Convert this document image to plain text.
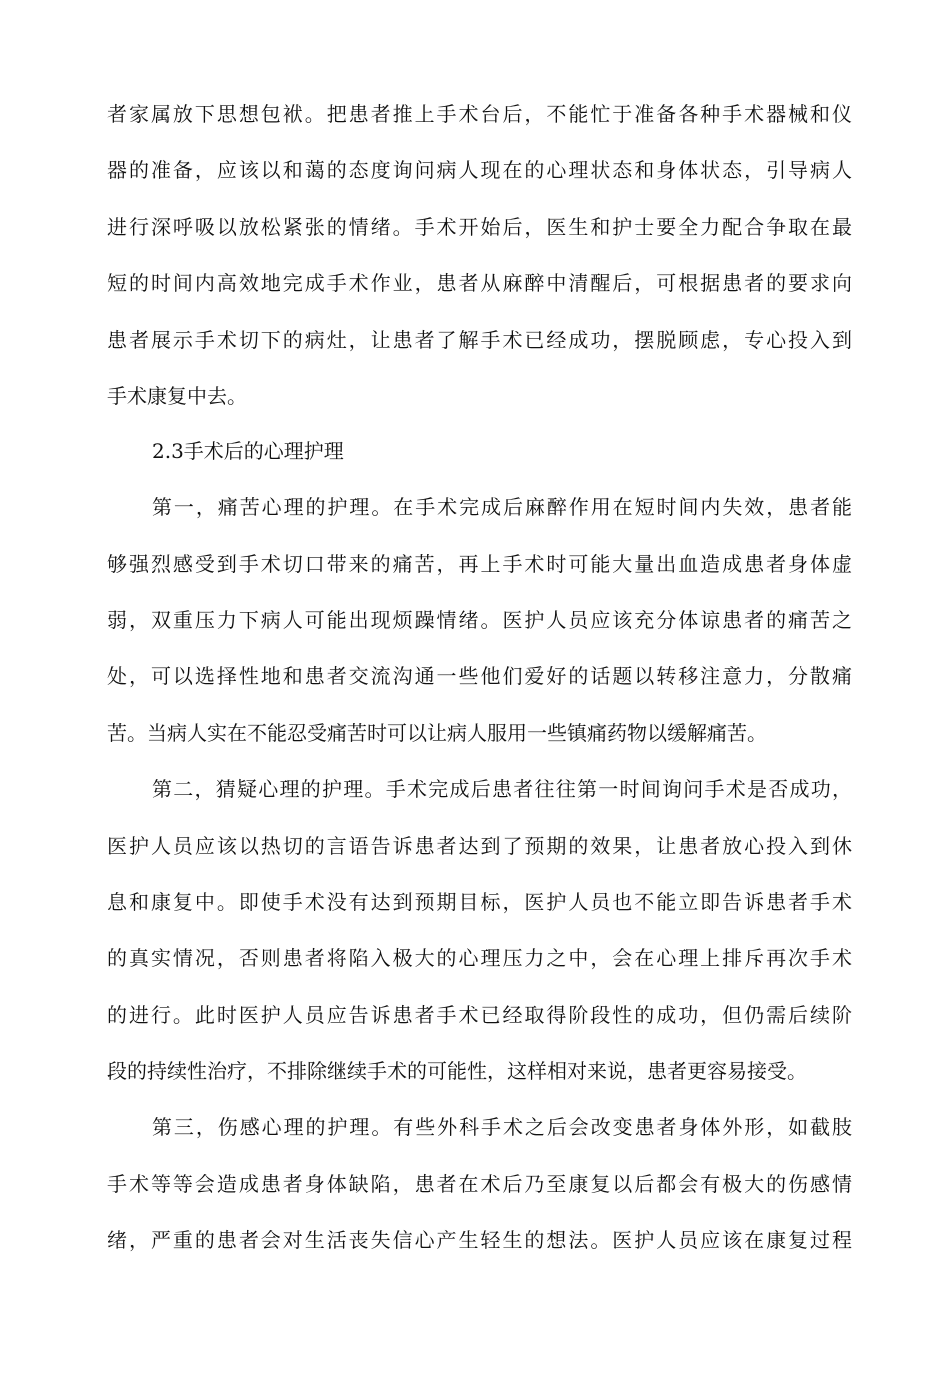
者家属放下思想包袱。把患者推上手术台后，不能忙于准备各种手术器械和仪
器的准备，应该以和蔼的态度询问病人现在的心理状态和身体状态，引导病人
进行深呼吸以放松紧张的情绪。手术开始后，医生和护士要全力配合争取在最
短的时间内高效地完成手术作业，患者从麻醉中清醒后，可根据患者的要求向
患者展示手术切下的病灶，让患者了解手术已经成功，摆脱顾虑，专心投入到
手术康复中去。
2.3手术后的心理护理
第一，痛苦心理的护理。在手术完成后麻醉作用在短时间内失效，患者能
够强烈感受到手术切口带来的痛苦，再上手术时可能大量出血造成患者身体虚
弱，双重压力下病人可能出现烦躁情绪。医护人员应该充分体谅患者的痛苦之
处，可以选择性地和患者交流沟通一些他们爱好的话题以转移注意力，分散痛
苦。当病人实在不能忍受痛苦时可以让病人服用一些镇痛药物以缓解痛苦。
第二，猜疑心理的护理。手术完成后患者往往第一时间询问手术是否成功，
医护人员应该以热切的言语告诉患者达到了预期的效果，让患者放心投入到休
息和康复中。即使手术没有达到预期目标，医护人员也不能立即告诉患者手术
的真实情况，否则患者将陷入极大的心理压力之中，会在心理上排斥再次手术
的进行。此时医护人员应告诉患者手术已经取得阶段性的成功，但仍需后续阶
段的持续性治疗，不排除继续手术的可能性，这样相对来说，患者更容易接受。
第三，伤感心理的护理。有些外科手术之后会改变患者身体外形，如截肢
手术等等会造成患者身体缺陷，患者在术后乃至康复以后都会有极大的伤感情
绪，严重的患者会对生活丧失信心产生轻生的想法。医护人员应该在康复过程
